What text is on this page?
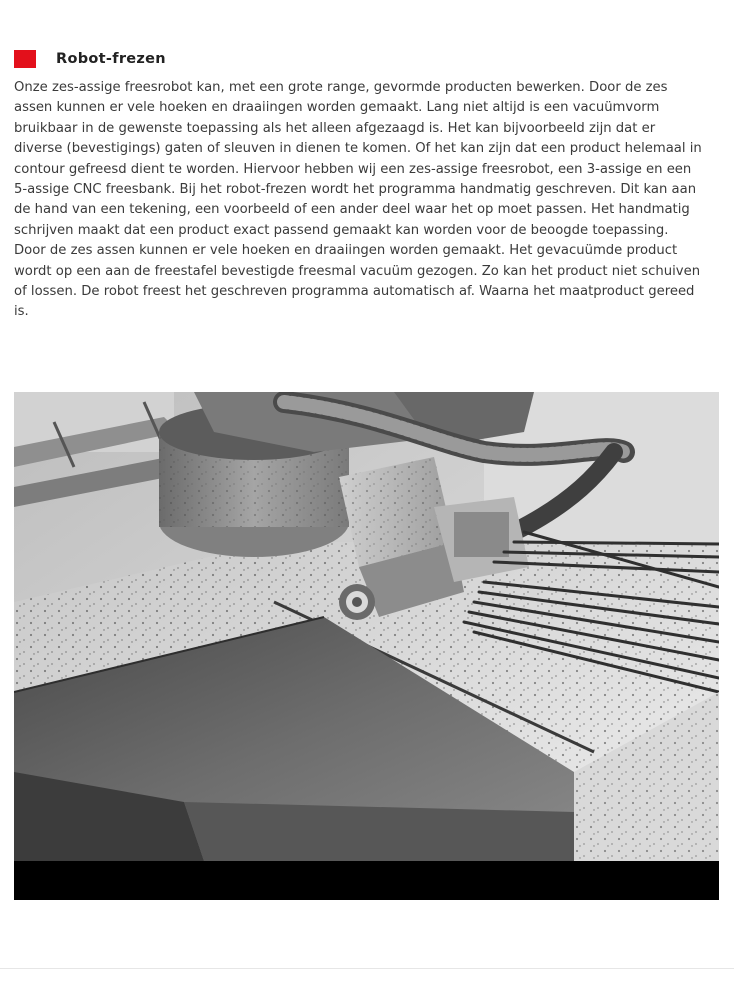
Robot-frezen
Onze zes-assige freesrobot kan, met een grote range, gevormde producten bewerken. Door de zes
assen kunnen er vele hoeken en draaiingen worden gemaakt. Lang niet altijd is een vacuümvorm
bruikbaar in de gewenste toepassing als het alleen afgezaagd is. Het kan bijvoorbeeld zijn dat er
diverse (bevestigings) gaten of sleuven in dienen te komen. Of het kan zijn dat een product helemaal in
contour gefreesd dient te worden. Hiervoor hebben wij een zes-assige freesrobot, een 3-assige en een
5-assige CNC freesbank. Bij het robot-frezen wordt het programma handmatig geschreven. Dit kan aan
de hand van een tekening, een voorbeeld of een ander deel waar het op moet passen. Het handmatig
schrijven maakt dat een product exact passend gemaakt kan worden voor de beoogde toepassing.
Door de zes assen kunnen er vele hoeken en draaiingen worden gemaakt. Het gevacuümde product
wordt op een aan de freestafel bevestigde freesmal vacuüm gezogen. Zo kan het product niet schuiven
of lossen. De robot freest het geschreven programma automatisch af. Waarna het maatproduct gereed
is.
